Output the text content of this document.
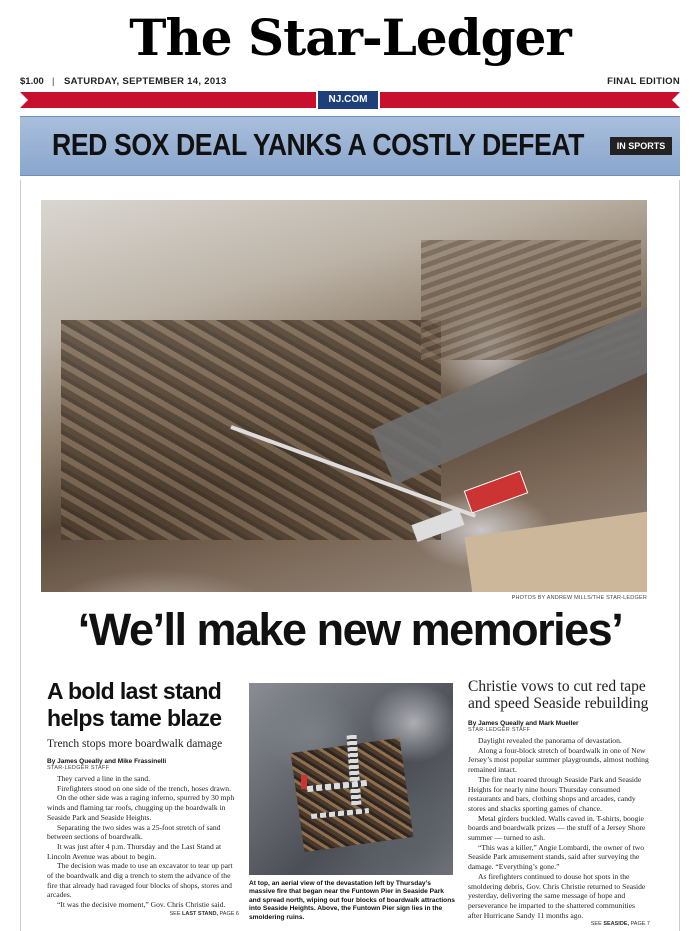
The Star-Ledger
$1.00 | SATURDAY, SEPTEMBER 14, 2013	FINAL EDITION
NJ.COM
RED SOX DEAL YANKS A COSTLY DEFEAT	IN SPORTS
PHOTOS BY ANDREW MILLS/THE STAR-LEDGER
‘We’ll make new memories’
A bold last stand helps tame blaze
Trench stops more boardwalk damage
By James Queally and Mike Frassinelli
STAR-LEDGER STAFF

They carved a line in the sand.

Firefighters stood on one side of the trench, hoses drawn.

On the other side was a raging inferno, spurred by 30 mph winds and flaming tar roofs, chugging up the boardwalk in Seaside Park and Seaside Heights.

Separating the two sides was a 25-foot stretch of sand between sections of boardwalk.

It was just after 4 p.m. Thursday and the Last Stand at Lincoln Avenue was about to begin.

The decision was made to use an excavator to tear up part of the boardwalk and dig a trench to stem the advance of the fire that already had ravaged four blocks of shops, stores and arcades.

“It was the decisive moment,” Gov. Chris Christie said.

SEE LAST STAND, PAGE 6
At top, an aerial view of the devastation left by Thursday’s massive fire that began near the Funtown Pier in Seaside Park and spread north, wiping out four blocks of boardwalk attractions into Seaside Heights. Above, the Funtown Pier sign lies in the smoldering ruins.
Christie vows to cut red tape and speed Seaside rebuilding
By James Queally and Mark Mueller
STAR-LEDGER STAFF

Daylight revealed the panorama of devastation.

Along a four-block stretch of boardwalk in one of New Jersey’s most popular summer playgrounds, almost nothing remained intact.

The fire that roared through Seaside Park and Seaside Heights for nearly nine hours Thursday consumed restaurants and bars, clothing shops and arcades, candy stores and shacks sporting games of chance.

Metal girders buckled. Walls caved in. T-shirts, boogie boards and boardwalk prizes — the stuff of a Jersey Shore summer — turned to ash.

“This was a killer,” Angie Lombardi, the owner of two Seaside Park amusement stands, said after surveying the damage. “Everything’s gone.”

As firefighters continued to douse hot spots in the smoldering debris, Gov. Chris Christie returned to Seaside yesterday, delivering the same message of hope and perseverance he imparted to the shattered communities after Hurricane Sandy 11 months ago.

SEE SEASIDE, PAGE 7
